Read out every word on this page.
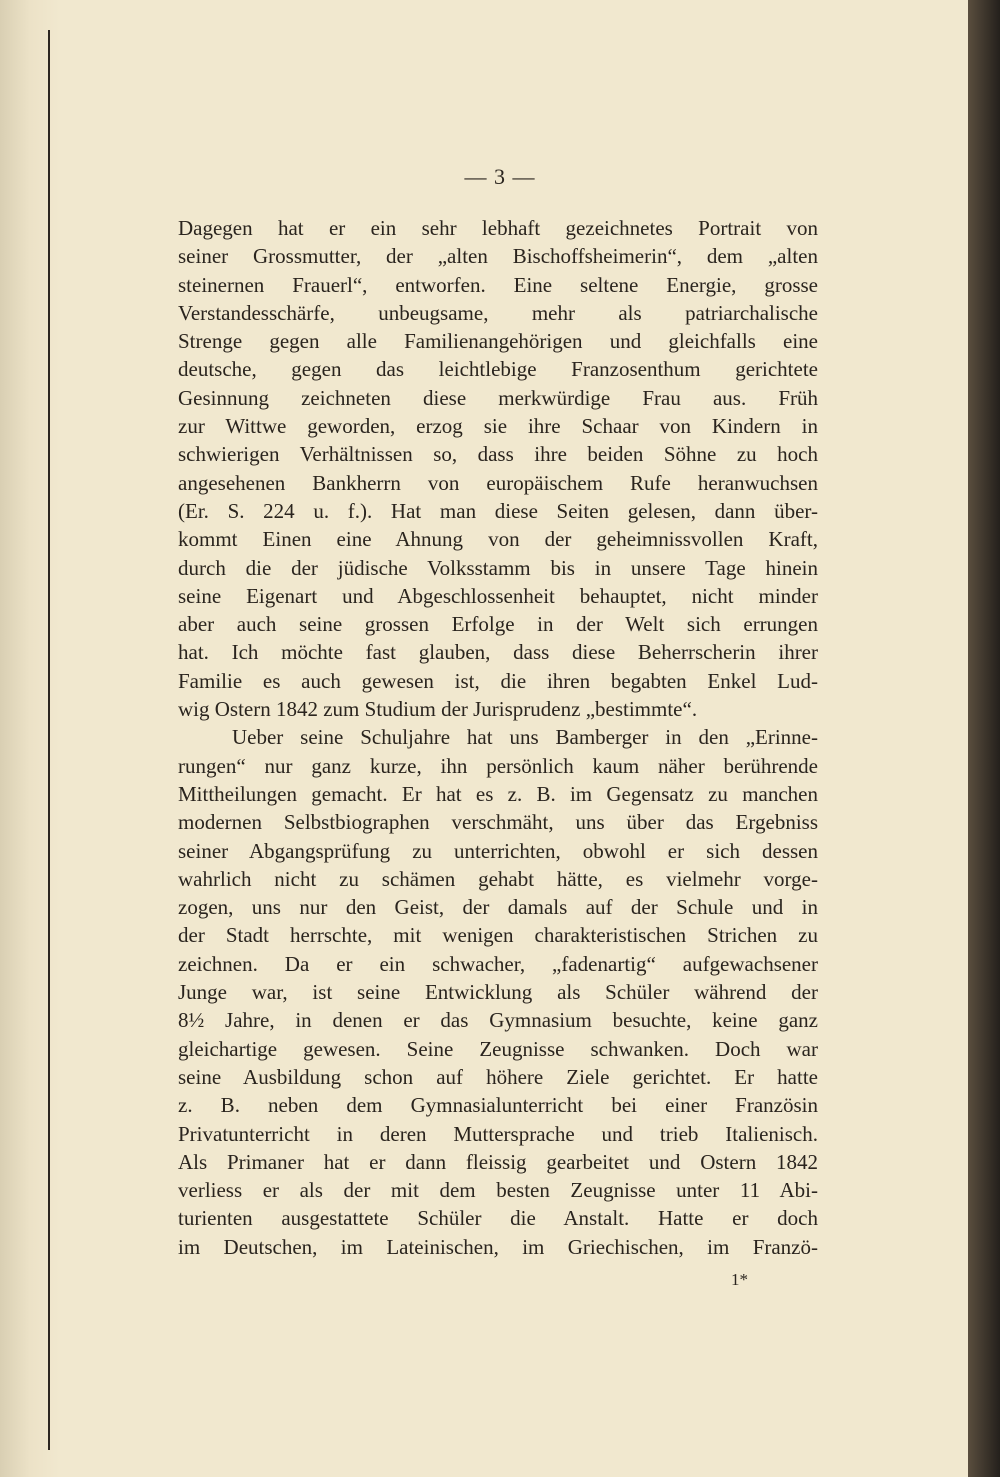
— 3 —
Dagegen hat er ein sehr lebhaft gezeichnetes Portrait von
seiner Grossmutter, der „alten Bischoffsheimerin“, dem „alten
steinernen Frauerl“, entworfen. Eine seltene Energie, grosse
Verstandesschärfe, unbeugsame, mehr als patriarchalische
Strenge gegen alle Familienangehörigen und gleichfalls eine
deutsche, gegen das leichtlebige Franzosenthum gerichtete
Gesinnung zeichneten diese merkwürdige Frau aus. Früh
zur Wittwe geworden, erzog sie ihre Schaar von Kindern in
schwierigen Verhältnissen so, dass ihre beiden Söhne zu hoch
angesehenen Bankherrn von europäischem Rufe heranwuchsen
(Er. S. 224 u. f.). Hat man diese Seiten gelesen, dann über-
kommt Einen eine Ahnung von der geheimnissvollen Kraft,
durch die der jüdische Volksstamm bis in unsere Tage hinein
seine Eigenart und Abgeschlossenheit behauptet, nicht minder
aber auch seine grossen Erfolge in der Welt sich errungen
hat. Ich möchte fast glauben, dass diese Beherrscherin ihrer
Familie es auch gewesen ist, die ihren begabten Enkel Lud-
wig Ostern 1842 zum Studium der Jurisprudenz „bestimmte“.
Ueber seine Schuljahre hat uns Bamberger in den „Erinne-
rungen“ nur ganz kurze, ihn persönlich kaum näher berührende
Mittheilungen gemacht. Er hat es z. B. im Gegensatz zu manchen
modernen Selbstbiographen verschmäht, uns über das Ergebniss
seiner Abgangsprüfung zu unterrichten, obwohl er sich dessen
wahrlich nicht zu schämen gehabt hätte, es vielmehr vorge-
zogen, uns nur den Geist, der damals auf der Schule und in
der Stadt herrschte, mit wenigen charakteristischen Strichen zu
zeichnen. Da er ein schwacher, „fadenartig“ aufgewachsener
Junge war, ist seine Entwicklung als Schüler während der
8½ Jahre, in denen er das Gymnasium besuchte, keine ganz
gleichartige gewesen. Seine Zeugnisse schwanken. Doch war
seine Ausbildung schon auf höhere Ziele gerichtet. Er hatte
z. B. neben dem Gymnasialunterricht bei einer Französin
Privatunterricht in deren Muttersprache und trieb Italienisch.
Als Primaner hat er dann fleissig gearbeitet und Ostern 1842
verliess er als der mit dem besten Zeugnisse unter 11 Abi-
turienten ausgestattete Schüler die Anstalt. Hatte er doch
im Deutschen, im Lateinischen, im Griechischen, im Franzö-
1*
